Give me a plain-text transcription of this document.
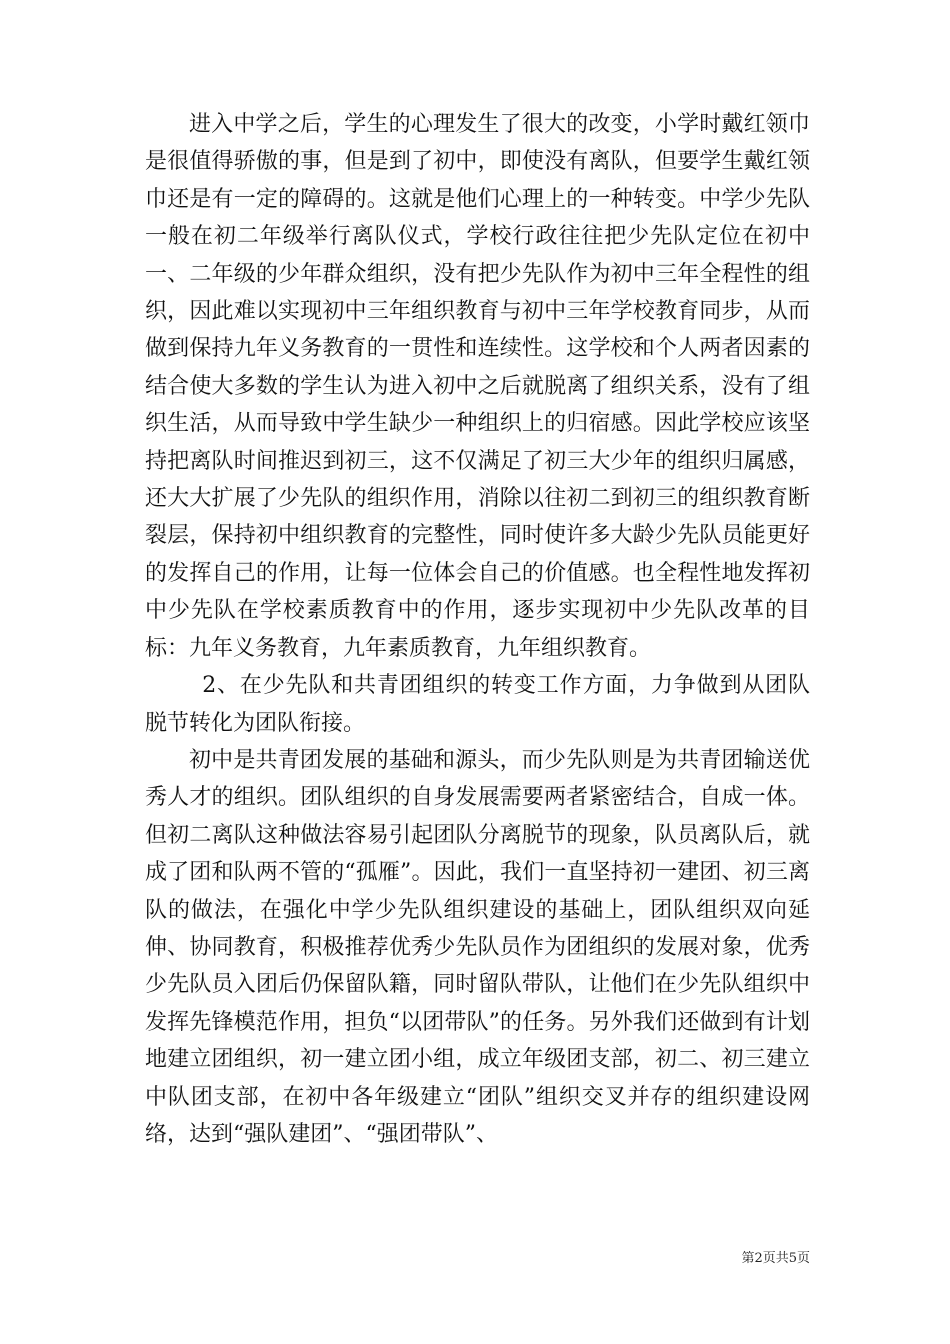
进入中学之后，学生的心理发生了很大的改变，小学时戴红领巾是很值得骄傲的事，但是到了初中，即使没有离队，但要学生戴红领巾还是有一定的障碍的。这就是他们心理上的一种转变。中学少先队一般在初二年级举行离队仪式，学校行政往往把少先队定位在初中一、二年级的少年群众组织，没有把少先队作为初中三年全程性的组织，因此难以实现初中三年组织教育与初中三年学校教育同步，从而做到保持九年义务教育的一贯性和连续性。这学校和个人两者因素的结合使大多数的学生认为进入初中之后就脱离了组织关系，没有了组织生活，从而导致中学生缺少一种组织上的归宿感。因此学校应该坚持把离队时间推迟到初三，这不仅满足了初三大少年的组织归属感，还大大扩展了少先队的组织作用，消除以往初二到初三的组织教育断裂层，保持初中组织教育的完整性，同时使许多大龄少先队员能更好的发挥自己的作用，让每一位体会自己的价值感。也全程性地发挥初中少先队在学校素质教育中的作用，逐步实现初中少先队改革的目标：九年义务教育，九年素质教育，九年组织教育。

2、在少先队和共青团组织的转变工作方面，力争做到从团队脱节转化为团队衔接。

初中是共青团发展的基础和源头，而少先队则是为共青团输送优秀人才的组织。团队组织的自身发展需要两者紧密结合，自成一体。但初二离队这种做法容易引起团队分离脱节的现象，队员离队后，就成了团和队两不管的“孤雁”。因此，我们一直坚持初一建团、初三离队的做法，在强化中学少先队组织建设的基础上，团队组织双向延伸、协同教育，积极推荐优秀少先队员作为团组织的发展对象，优秀少先队员入团后仍保留队籍，同时留队带队，让他们在少先队组织中发挥先锋模范作用，担负“以团带队”的任务。另外我们还做到有计划地建立团组织，初一建立团小组，成立年级团支部，初二、初三建立中队团支部，在初中各年级建立“团队”组织交叉并存的组织建设网络，达到“强队建团”、“强团带队”、

第2页共5页
